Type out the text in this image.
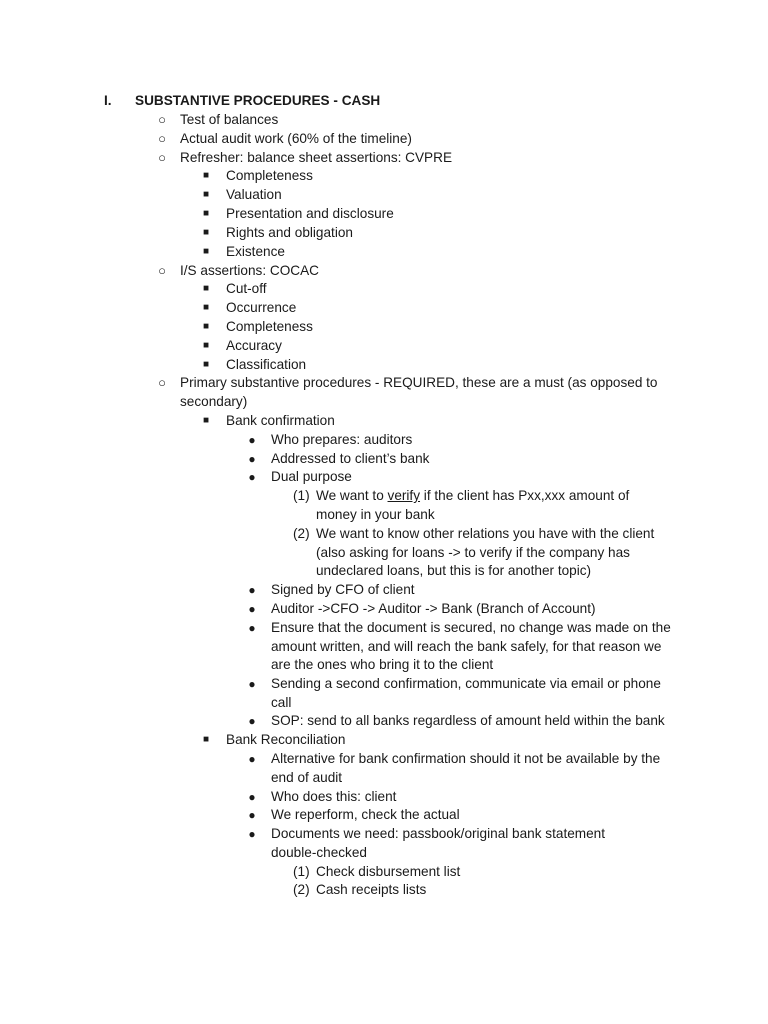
I. SUBSTANTIVE PROCEDURES - CASH
○	Test of balances
○	Actual audit work (60% of the timeline)
○	Refresher: balance sheet assertions: CVPRE
■	Completeness
■	Valuation
■	Presentation and disclosure
■	Rights and obligation
■	Existence
○	I/S assertions: COCAC
■	Cut-off
■	Occurrence
■	Completeness
■	Accuracy
■	Classification
○	Primary substantive procedures - REQUIRED, these are a must (as opposed to
secondary)
■	Bank confirmation
●	Who prepares: auditors
●	Addressed to client’s bank
●	Dual purpose
(1) We want to verify if the client has Pxx,xxx amount of
money in your bank
(2) We want to know other relations you have with the client
(also asking for loans -> to verify if the company has
undeclared loans, but this is for another topic)
●	Signed by CFO of client
●	Auditor ->CFO -> Auditor -> Bank (Branch of Account)
●	Ensure that the document is secured, no change was made on the
amount written, and will reach the bank safely, for that reason we
are the ones who bring it to the client
●	Sending a second confirmation, communicate via email or phone
call
●	SOP: send to all banks regardless of amount held within the bank
■	Bank Reconciliation
●	Alternative for bank confirmation should it not be available by the
end of audit
●	Who does this: client
●	We reperform, check the actual
●	Documents we need: passbook/original bank statement
double-checked
(1) Check disbursement list
(2) Cash receipts lists
